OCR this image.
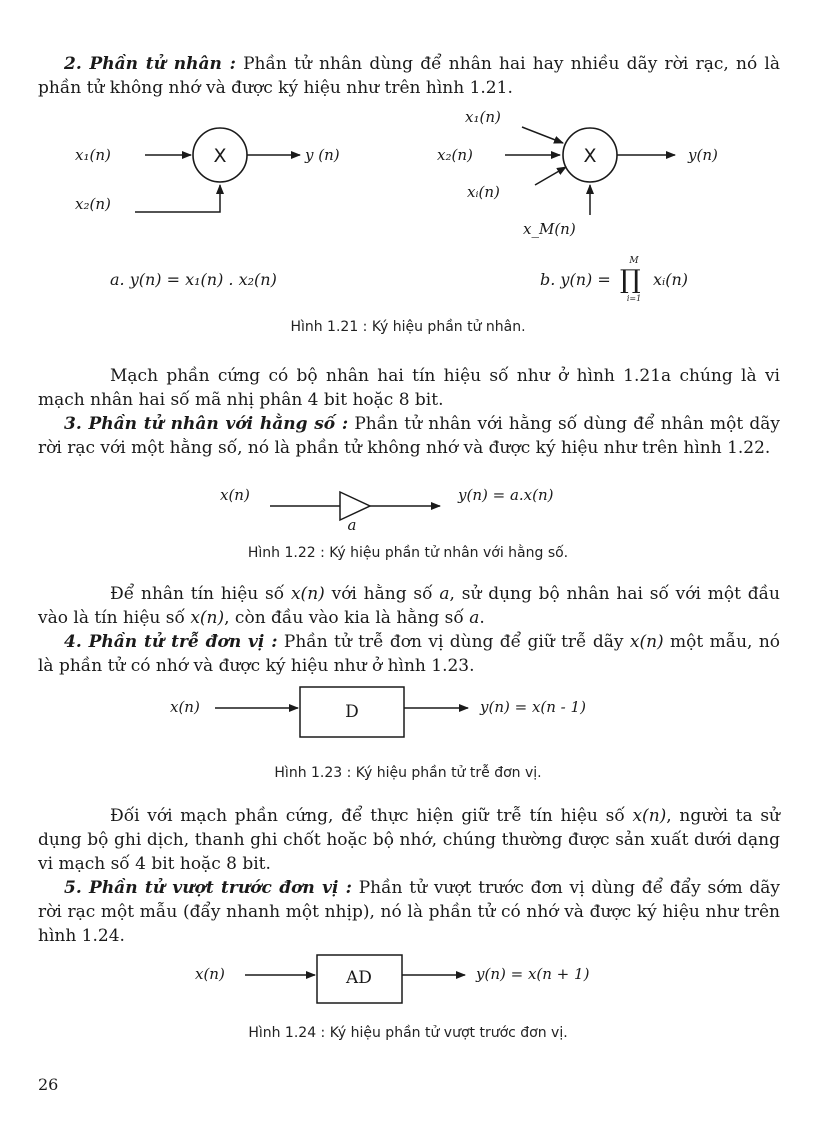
2. Phần tử nhân : Phần tử nhân dùng để nhân hai hay nhiều dãy rời rạc, nó là phần tử không nhớ và được ký hiệu như trên hình 1.21.

x₁(n)	X	y (n)
x₂(n)
x₁(n)
x₂(n)	X	y(n)
xᵢ(n)
x_M(n)
a. y(n) = x₁(n) . x₂(n)	b. y(n) = ∏
M
i=1
xᵢ(n)
Hình 1.21 : Ký hiệu phần tử nhân.

Mạch phần cứng có bộ nhân hai tín hiệu số như ở hình 1.21a chúng là vi mạch nhân hai số mã nhị phân 4 bit hoặc 8 bit.

3. Phần tử nhân với hằng số : Phần tử nhân với hằng số dùng để nhân một dãy rời rạc với một hằng số, nó là phần tử không nhớ và được ký hiệu như trên hình 1.22.

x(n)
a
y(n) = a.x(n)
Hình 1.22 : Ký hiệu phần tử nhân với hằng số.

Để nhân tín hiệu số x(n) với hằng số a, sử dụng bộ nhân hai số với một đầu vào là tín hiệu số x(n), còn đầu vào kia là hằng số a.

4. Phần tử trễ đơn vị : Phần tử trễ đơn vị dùng để giữ trễ dãy x(n) một mẫu, nó là phần tử có nhớ và được ký hiệu như ở hình 1.23.

x(n)	D	y(n) = x(n - 1)
Hình 1.23 : Ký hiệu phần tử trễ đơn vị.

Đối với mạch phần cứng, để thực hiện giữ trễ tín hiệu số x(n), người ta sử dụng bộ ghi dịch, thanh ghi chốt hoặc bộ nhớ, chúng thường được sản xuất dưới dạng vi mạch số 4 bit hoặc 8 bit.

5. Phần tử vượt trước đơn vị : Phần tử vượt trước đơn vị dùng để đẩy sớm dãy rời rạc một mẫu (đẩy nhanh một nhịp), nó là phần tử có nhớ và được ký hiệu như trên hình 1.24.

x(n)	AD	y(n) = x(n + 1)
Hình 1.24 : Ký hiệu phần tử vượt trước đơn vị.
26
